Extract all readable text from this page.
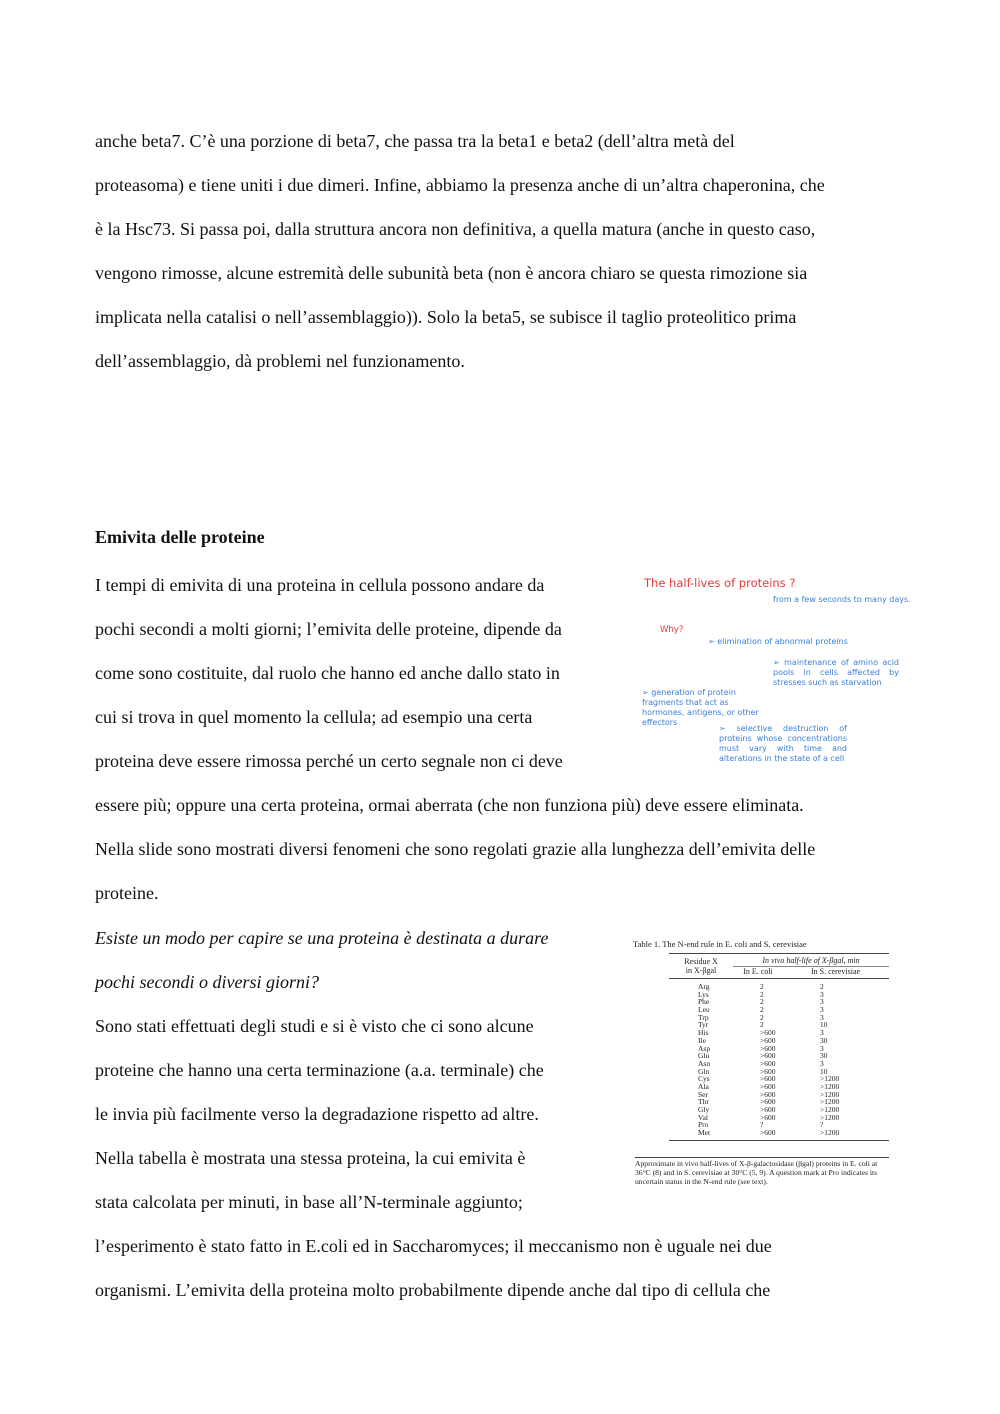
anche beta7. C’è una porzione di beta7, che passa tra la beta1 e beta2 (dell’altra metà del
proteasoma) e tiene uniti i due dimeri. Infine, abbiamo la presenza anche di un’altra chaperonina, che
è la Hsc73. Si passa poi, dalla struttura ancora non definitiva, a quella matura (anche in questo caso,
vengono rimosse, alcune estremità delle subunità beta (non è ancora chiaro se questa rimozione sia
implicata nella catalisi o nell’assemblaggio)). Solo la beta5, se subisce il taglio proteolitico prima
dell’assemblaggio, dà problemi nel funzionamento.
Emivita delle proteine
I tempi di emivita di una proteina in cellula possono andare da
pochi secondi a molti giorni; l’emivita delle proteine, dipende da
come sono costituite, dal ruolo che hanno ed anche dallo stato in
cui si trova in quel momento la cellula; ad esempio una certa
proteina deve essere rimossa perché un certo segnale non ci deve
essere più; oppure una certa proteina, ormai aberrata (che non funziona più) deve essere eliminata.
Nella slide sono mostrati diversi fenomeni che sono regolati grazie alla lunghezza dell’emivita delle
proteine.
Esiste un modo per capire se una proteina è destinata a durare
pochi secondi o diversi giorni?
Sono stati effettuati degli studi e si è visto che ci sono alcune
proteine che hanno una certa terminazione (a.a. terminale) che
le invia più facilmente verso la degradazione rispetto ad altre.
Nella tabella è mostrata una stessa proteina, la cui emivita è
stata calcolata per minuti, in base all’N-terminale aggiunto;
l’esperimento è stato fatto in E.coli ed in Saccharomyces; il meccanismo non è uguale nei due
organismi. L’emivita della proteina molto probabilmente dipende anche dal tipo di cellula che
The half-lives of proteins ?
from a few seconds to many days.
Why?
➢ elimination of abnormal proteins
➢ maintenance of amino acid pools in cells affected by stresses such as starvation
➢ generation of protein fragments that act as hormones, antigens, or other effectors
➢ selective destruction of proteins whose concentrations must vary with time and alterations in the state of a cell
Table 1. The N-end rule in E. coli and S. cerevisiae
Residue X
in X-βgal
In vivo half-life of X-βgal, min
In E. coli	In S. cerevisiae
Arg	2	2
Lys	2	3
Phe	2	3
Leu	2	3
Trp	2	3
Tyr	2	10
His	>600	3
Ile	>600	30
Asp	>600	3
Glu	>600	30
Asn	>600	3
Gln	>600	10
Cys	>600	>1200
Ala	>600	>1200
Ser	>600	>1200
Thr	>600	>1200
Gly	>600	>1200
Val	>600	>1200
Pro	?	?
Met	>600	>1200
Approximate in vivo half-lives of X-β-galactosidase (βgal) proteins in E. coli at 36°C (8) and in S. cerevisiae at 30°C (5, 9). A question mark at Pro indicates its uncertain status in the N-end rule (see text).
